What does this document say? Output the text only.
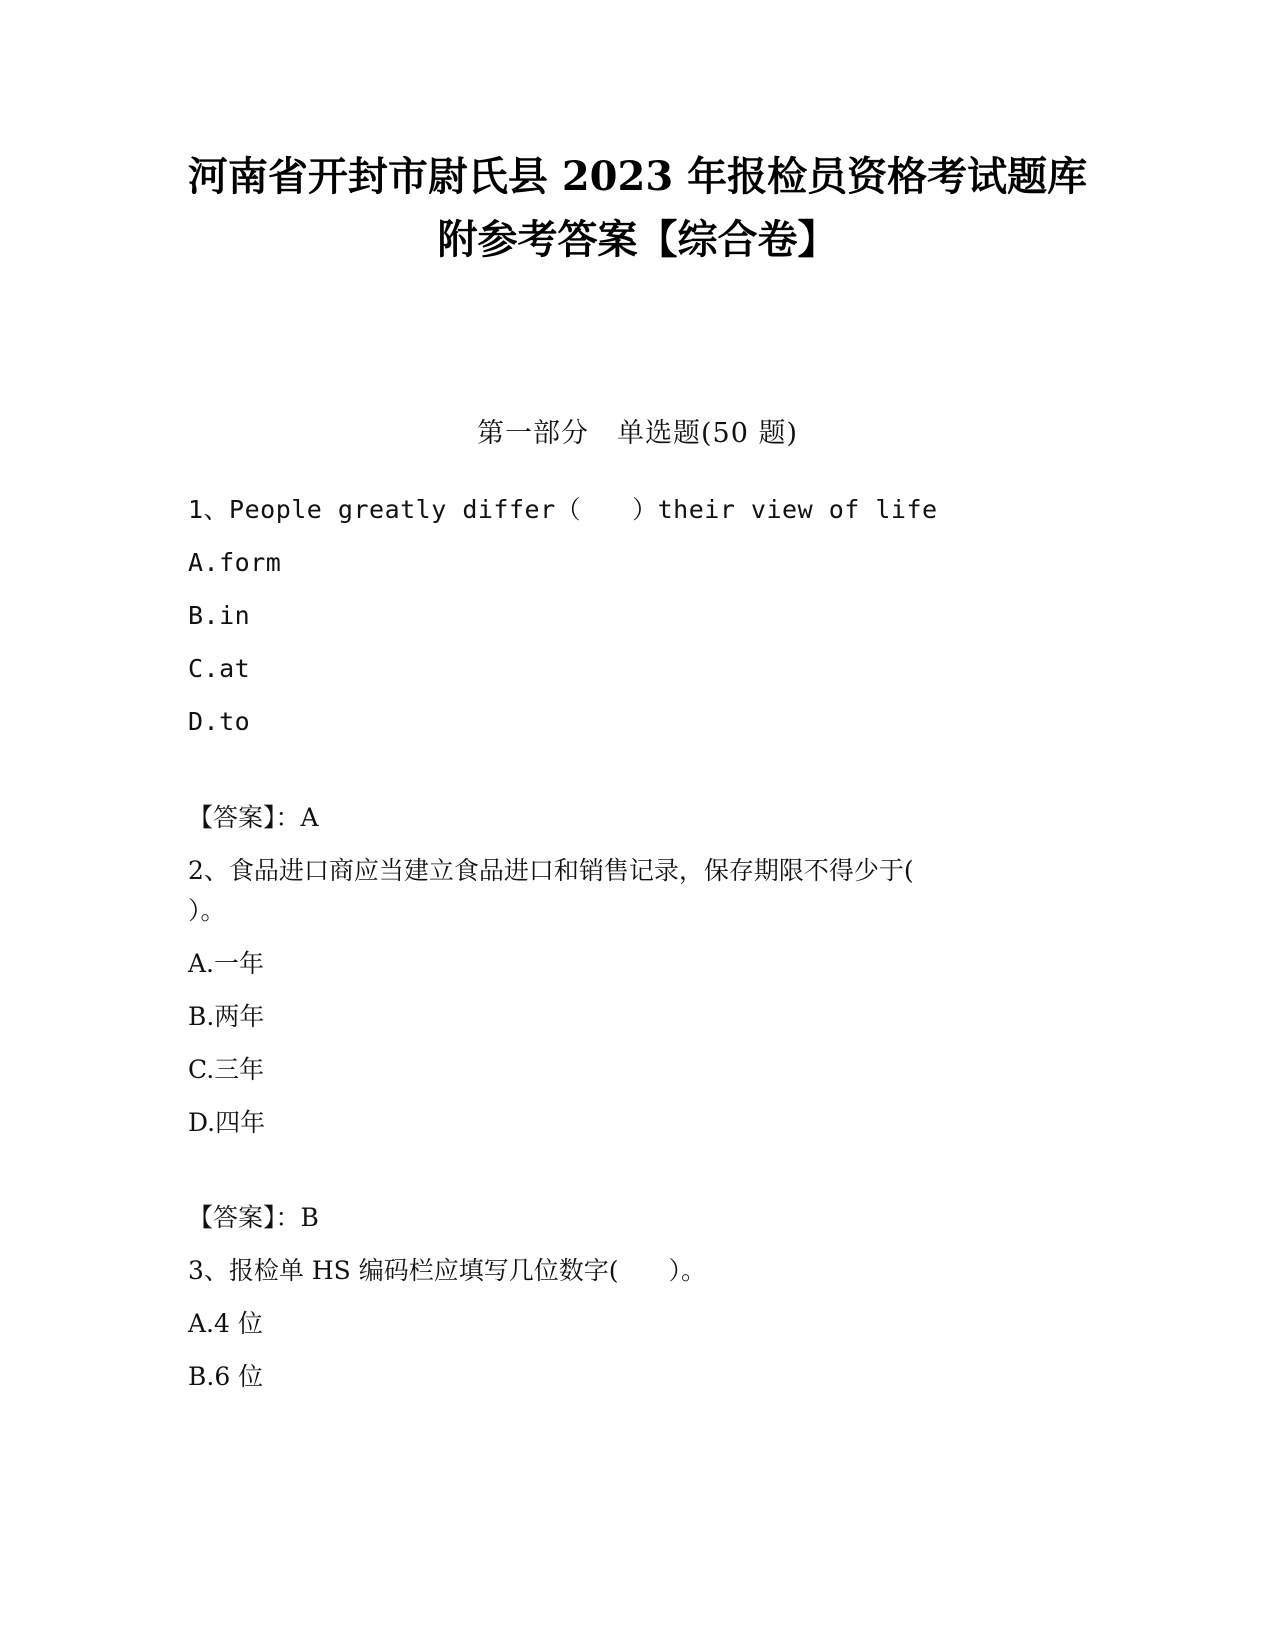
河南省开封市尉氏县 2023 年报检员资格考试题库
附参考答案【综合卷】
第一部分　单选题(50 题)
1、People greatly differ（　　）their view of life
A.form
B.in
C.at
D.to
【答案】：A
2、食品进口商应当建立食品进口和销售记录，保存期限不得少于(
）。
A.一年
B.两年
C.三年
D.四年
【答案】：B
3、报检单 HS 编码栏应填写几位数字(　　）。
A.4 位
B.6 位
